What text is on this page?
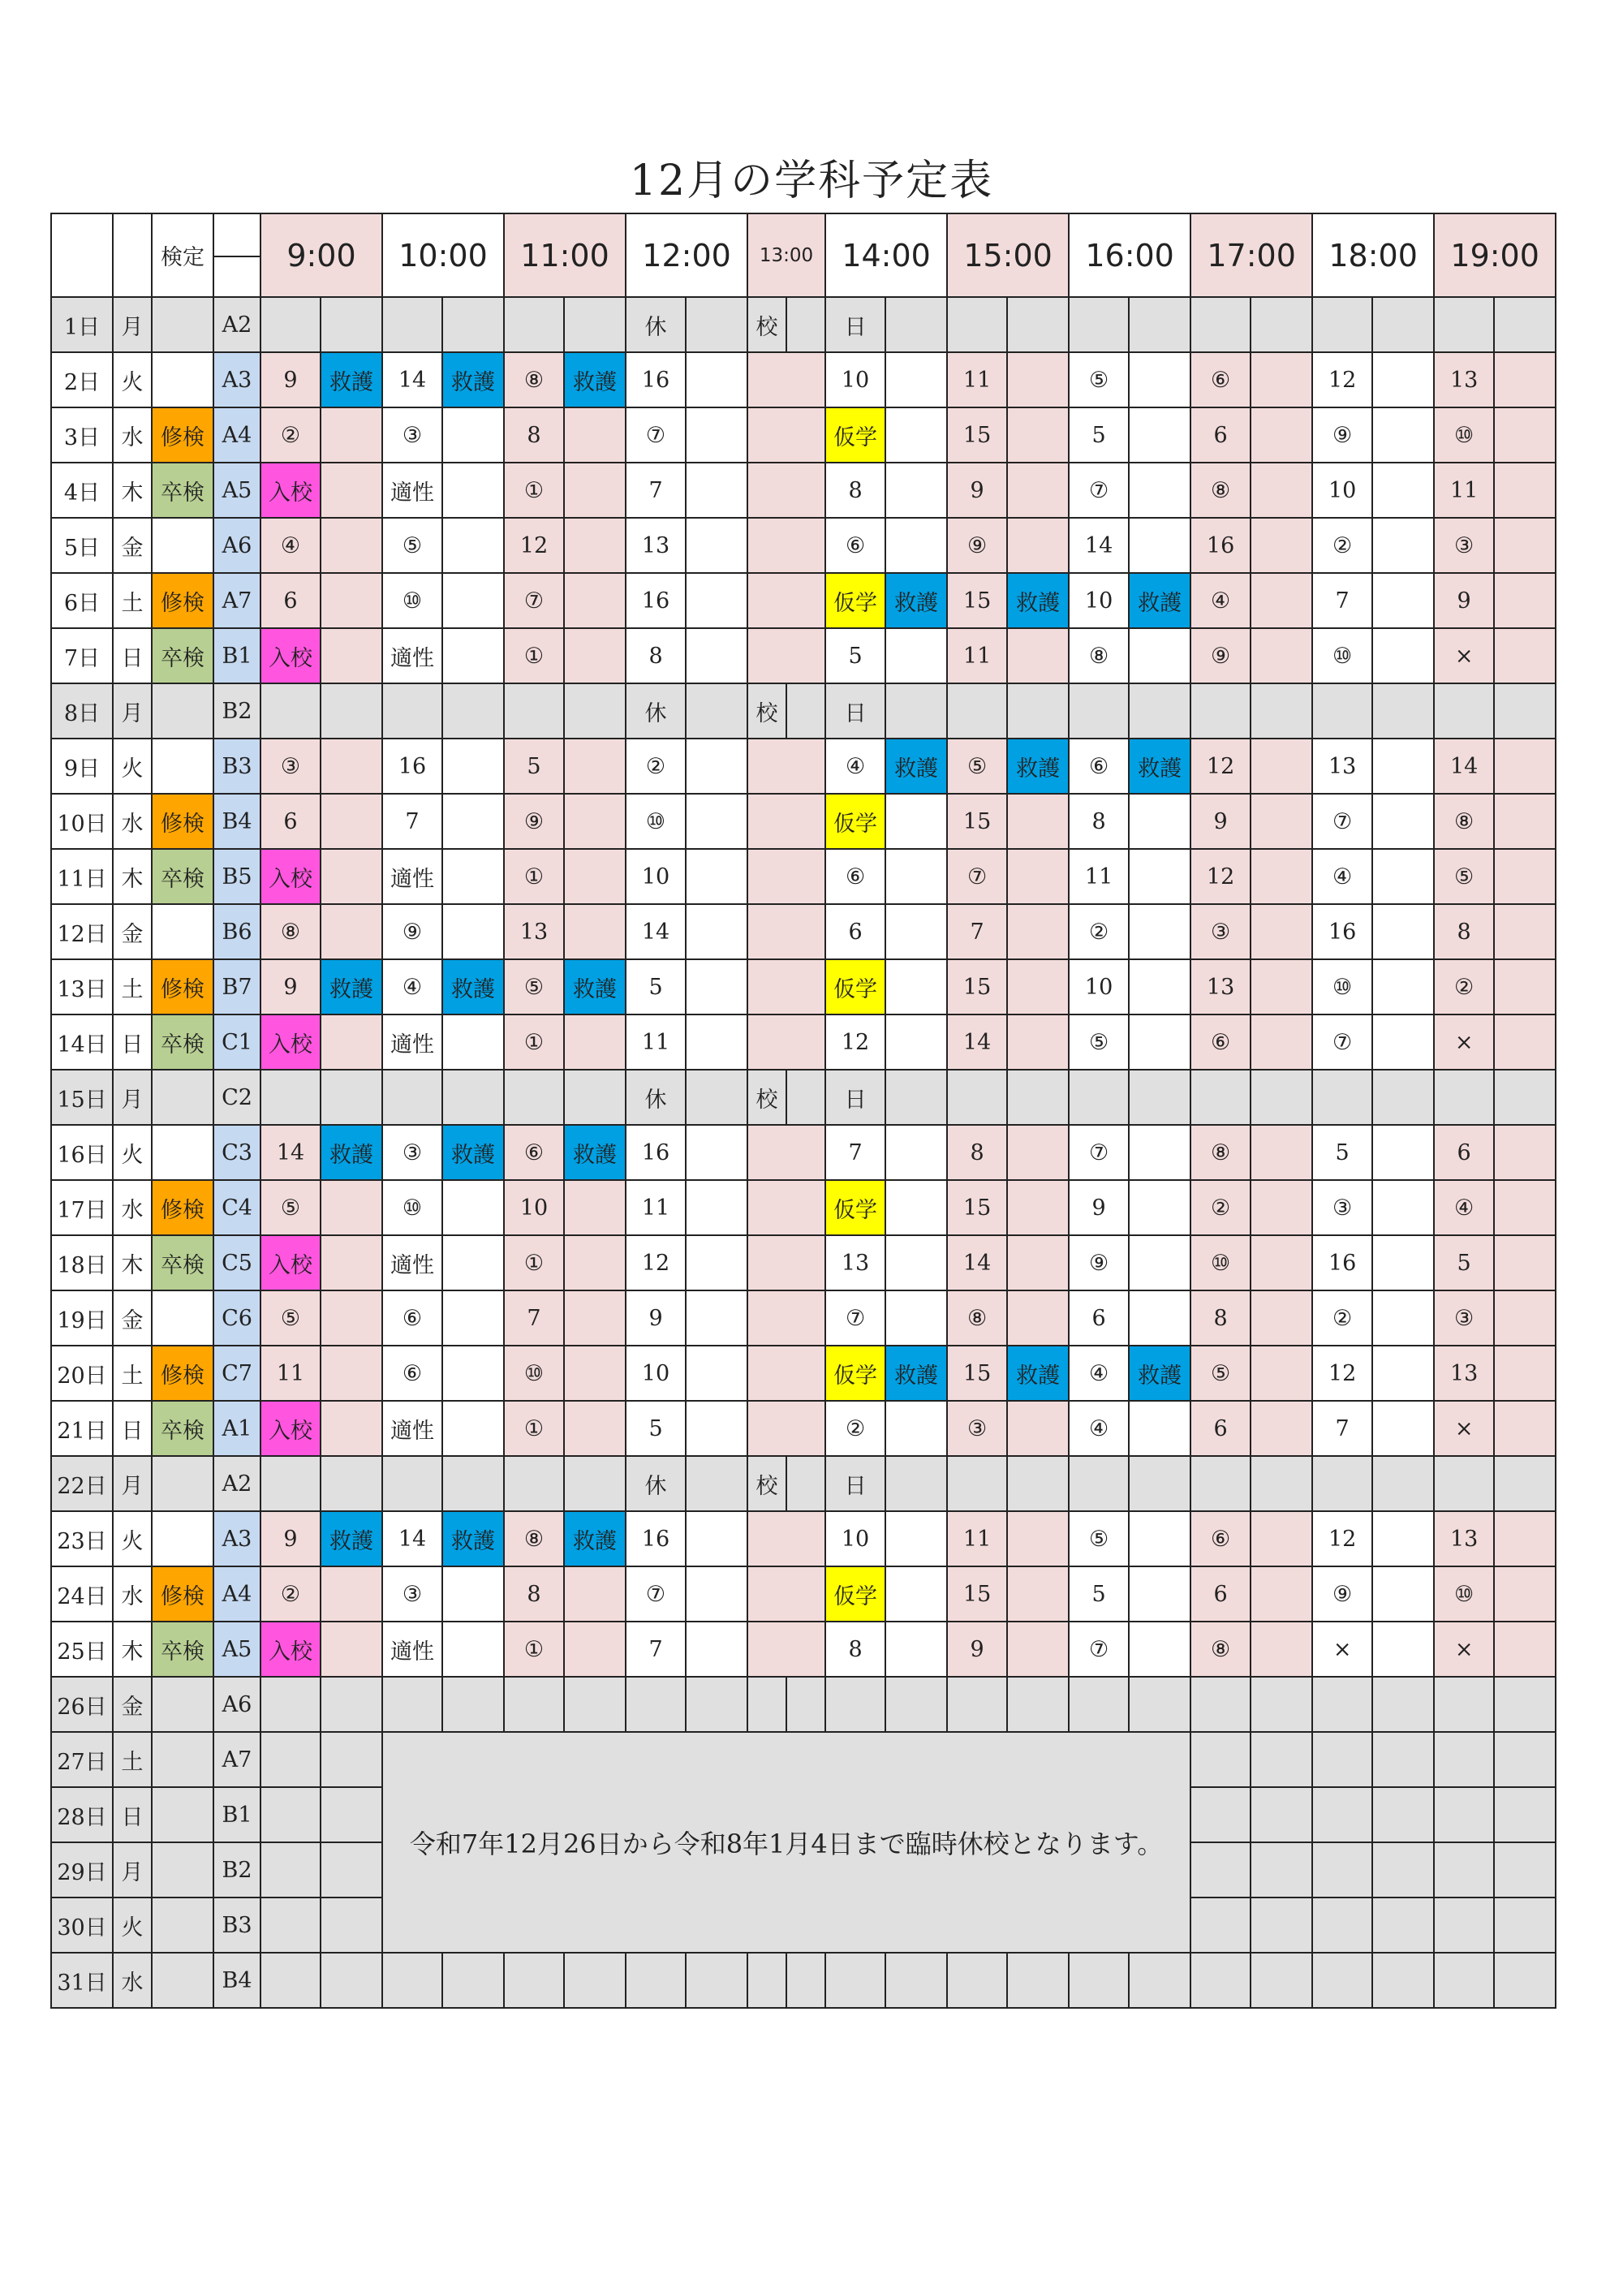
12月の学科予定表
		検定		9:00		10:00		11:00		12:00		13:00		14:00		15:00		16:00		17:00		18:00		19:00	
1日	月		A2							休		校		日											
2日	火		A3	9	救護	14	救護	⑧	救護	16				10		11		⑤		⑥		12		13	
3日	水	修検	A4	②		③		8		⑦				仮学		15		5		6		⑨		⑩	
4日	木	卒検	A5	入校		適性		①		7				8		9		⑦		⑧		10		11	
5日	金		A6	④		⑤		12		13				⑥		⑨		14		16		②		③	
6日	土	修検	A7	6		⑩		⑦		16				仮学	救護	15	救護	10	救護	④		7		9	
7日	日	卒検	B1	入校		適性		①		8				5		11		⑧		⑨		⑩		×	
8日	月		B2							休		校		日											
9日	火		B3	③		16		5		②				④	救護	⑤	救護	⑥	救護	12		13		14	
10日	水	修検	B4	6		7		⑨		⑩				仮学		15		8		9		⑦		⑧	
11日	木	卒検	B5	入校		適性		①		10				⑥		⑦		11		12		④		⑤	
12日	金		B6	⑧		⑨		13		14				6		7		②		③		16		8	
13日	土	修検	B7	9	救護	④	救護	⑤	救護	5				仮学		15		10		13		⑩		②	
14日	日	卒検	C1	入校		適性		①		11				12		14		⑤		⑥		⑦		×	
15日	月		C2							休		校		日											
16日	火		C3	14	救護	③	救護	⑥	救護	16				7		8		⑦		⑧		5		6	
17日	水	修検	C4	⑤		⑩		10		11				仮学		15		9		②		③		④	
18日	木	卒検	C5	入校		適性		①		12				13		14		⑨		⑩		16		5	
19日	金		C6	⑤		⑥		7		9				⑦		⑧		6		8		②		③	
20日	土	修検	C7	11		⑥		⑩		10				仮学	救護	15	救護	④	救護	⑤		12		13	
21日	日	卒検	A1	入校		適性		①		5				②		③		④		6		7		×	
22日	月		A2							休		校		日											
23日	火		A3	9	救護	14	救護	⑧	救護	16				10		11		⑤		⑥		12		13	
24日	水	修検	A4	②		③		8		⑦				仮学		15		5		6		⑨		⑩	
25日	木	卒検	A5	入校		適性		①		7				8		9		⑦		⑧		×		×	
26日	金		A6																						
27日	土		A7			令和7年12月26日から令和8年1月4日まで臨時休校となります。																			
28日	日		B1																						
29日	月		B2																						
30日	火		B3																						
31日	水		B4																						
